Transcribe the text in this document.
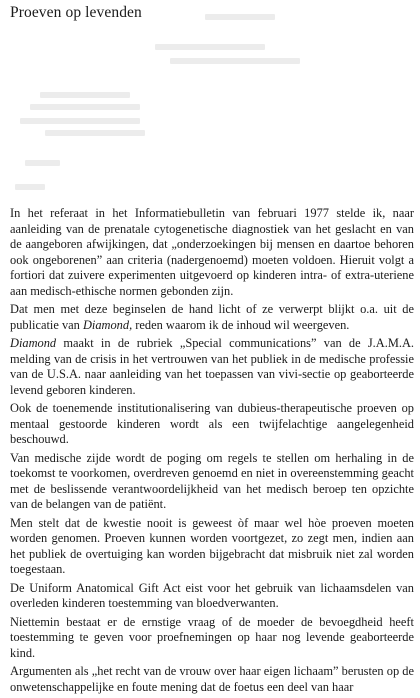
Proeven op levenden

In het referaat in het Informatiebulletin van februari 1977 stelde ik, naar aanleiding van de prenatale cytogenetische diagnostiek van het geslacht en van de aangeboren afwijkingen, dat „onderzoekingen bij mensen en daartoe behoren ook ongeborenen” aan criteria (nadergenoemd) moeten voldoen. Hieruit volgt a fortiori dat zuivere experimenten uitgevoerd op kinderen intra- of extra-uteriene aan medisch-ethische normen gebonden zijn.

Dat men met deze beginselen de hand licht of ze verwerpt blijkt o.a. uit de publicatie van Diamond, reden waarom ik de inhoud wil weergeven.

Diamond maakt in de rubriek „Special communications” van de J.A.M.A. melding van de crisis in het vertrouwen van het publiek in de medische professie van de U.S.A. naar aanleiding van het toepassen van vivi-sectie op geaborteerde levend geboren kinderen.

Ook de toenemende institutionalisering van dubieus-therapeutische proeven op mentaal gestoorde kinderen wordt als een twijfelachtige aangelegenheid beschouwd.

Van medische zijde wordt de poging om regels te stellen om herhaling in de toekomst te voorkomen, overdreven genoemd en niet in overeenstemming geacht met de beslissende verantwoordelijkheid van het medisch beroep ten opzichte van de belangen van de patiënt.

Men stelt dat de kwestie nooit is geweest òf maar wel hòe proeven moeten worden genomen. Proeven kunnen worden voortgezet, zo zegt men, indien aan het publiek de overtuiging kan worden bijgebracht dat misbruik niet zal worden toegestaan.

De Uniform Anatomical Gift Act eist voor het gebruik van lichaamsdelen van overleden kinderen toestemming van bloedverwanten.

Niettemin bestaat er de ernstige vraag of de moeder de bevoegdheid heeft toestemming te geven voor proefnemingen op haar nog levende geaborteerde kind.

Argumenten als „het recht van de vrouw over haar eigen lichaam” berusten op de onwetenschappelijke en foute mening dat de foetus een deel van haar
